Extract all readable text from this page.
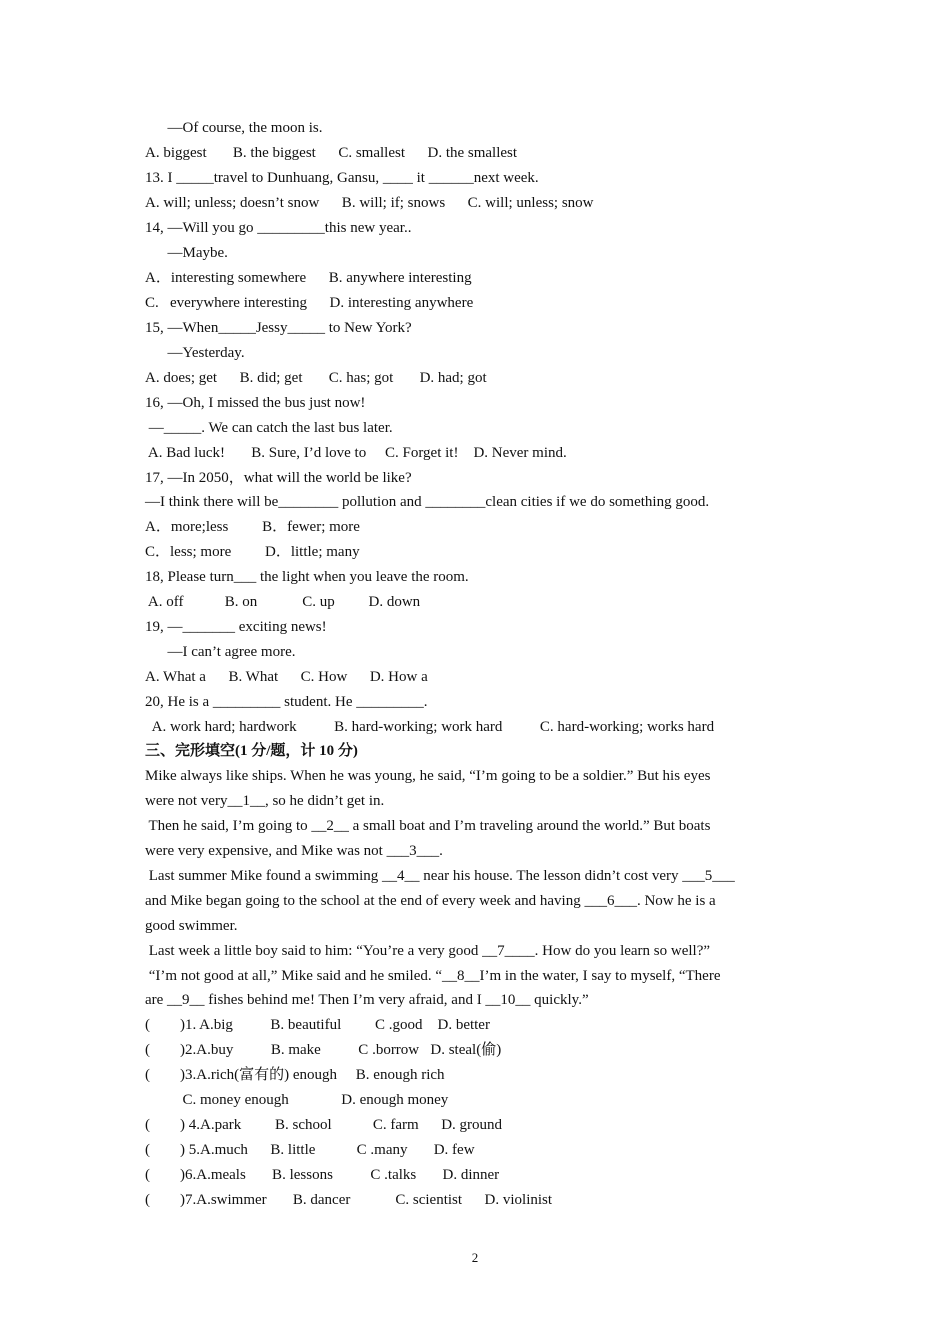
—Of course, the moon is.
A. biggest       B. the biggest      C. smallest      D. the smallest
13. I _____travel to Dunhuang, Gansu, ____ it ______next week.
A. will; unless; doesn’t snow      B. will; if; snows      C. will; unless; snow
14, —Will you go _________this new year..
—Maybe.
A．interesting somewhere      B. anywhere interesting
C.   everywhere interesting      D. interesting anywhere
15, —When_____Jessy_____ to New York?
—Yesterday.
A. does; get      B. did; get       C. has; got       D. had; got
16, —Oh, I missed the bus just now!
—_____. We can catch the last bus later.
A. Bad luck!       B. Sure, I’d love to     C. Forget it!    D. Never mind.
17, —In 2050，what will the world be like?
—I think there will be________ pollution and ________clean cities if we do something good.
A．more;less         B．fewer; more
C．less; more         D．little; many
18, Please turn___ the light when you leave the room.
A. off           B. on            C. up         D. down
19, —_______ exciting news!
—I can’t agree more.
A. What a      B. What      C. How      D. How a
20, He is a _________ student. He _________.
A. work hard; hardwork          B. hard-working; work hard          C. hard-working; works hard
三、完形填空(1 分/题，计 10 分)
Mike always like ships. When he was young, he said, “I’m going to be a soldier.” But his eyes
were not very__1__, so he didn’t get in.
Then he said, I’m going to __2__ a small boat and I’m traveling around the world.” But boats
were very expensive, and Mike was not ___3___.
Last summer Mike found a swimming __4__ near his house. The lesson didn’t cost very ___5___
and Mike began going to the school at the end of every week and having ___6___. Now he is a
good swimmer.
Last week a little boy said to him: “You’re a very good __7____. How do you learn so well?”
“I’m not good at all,” Mike said and he smiled. “__8__I’m in the water, I say to myself, “There
are __9__ fishes behind me! Then I’m very afraid, and I __10__ quickly.”
(        )1. A.big          B. beautiful         C .good    D. better
(        )2.A.buy          B. make          C .borrow   D. steal(偷)
(        )3.A.rich(富有的) enough     B. enough rich
C. money enough              D. enough money
(        ) 4.A.park         B. school           C. farm      D. ground
(        ) 5.A.much      B. little           C .many       D. few
(        )6.A.meals       B. lessons          C .talks       D. dinner
(        )7.A.swimmer       B. dancer            C. scientist      D. violinist
2
